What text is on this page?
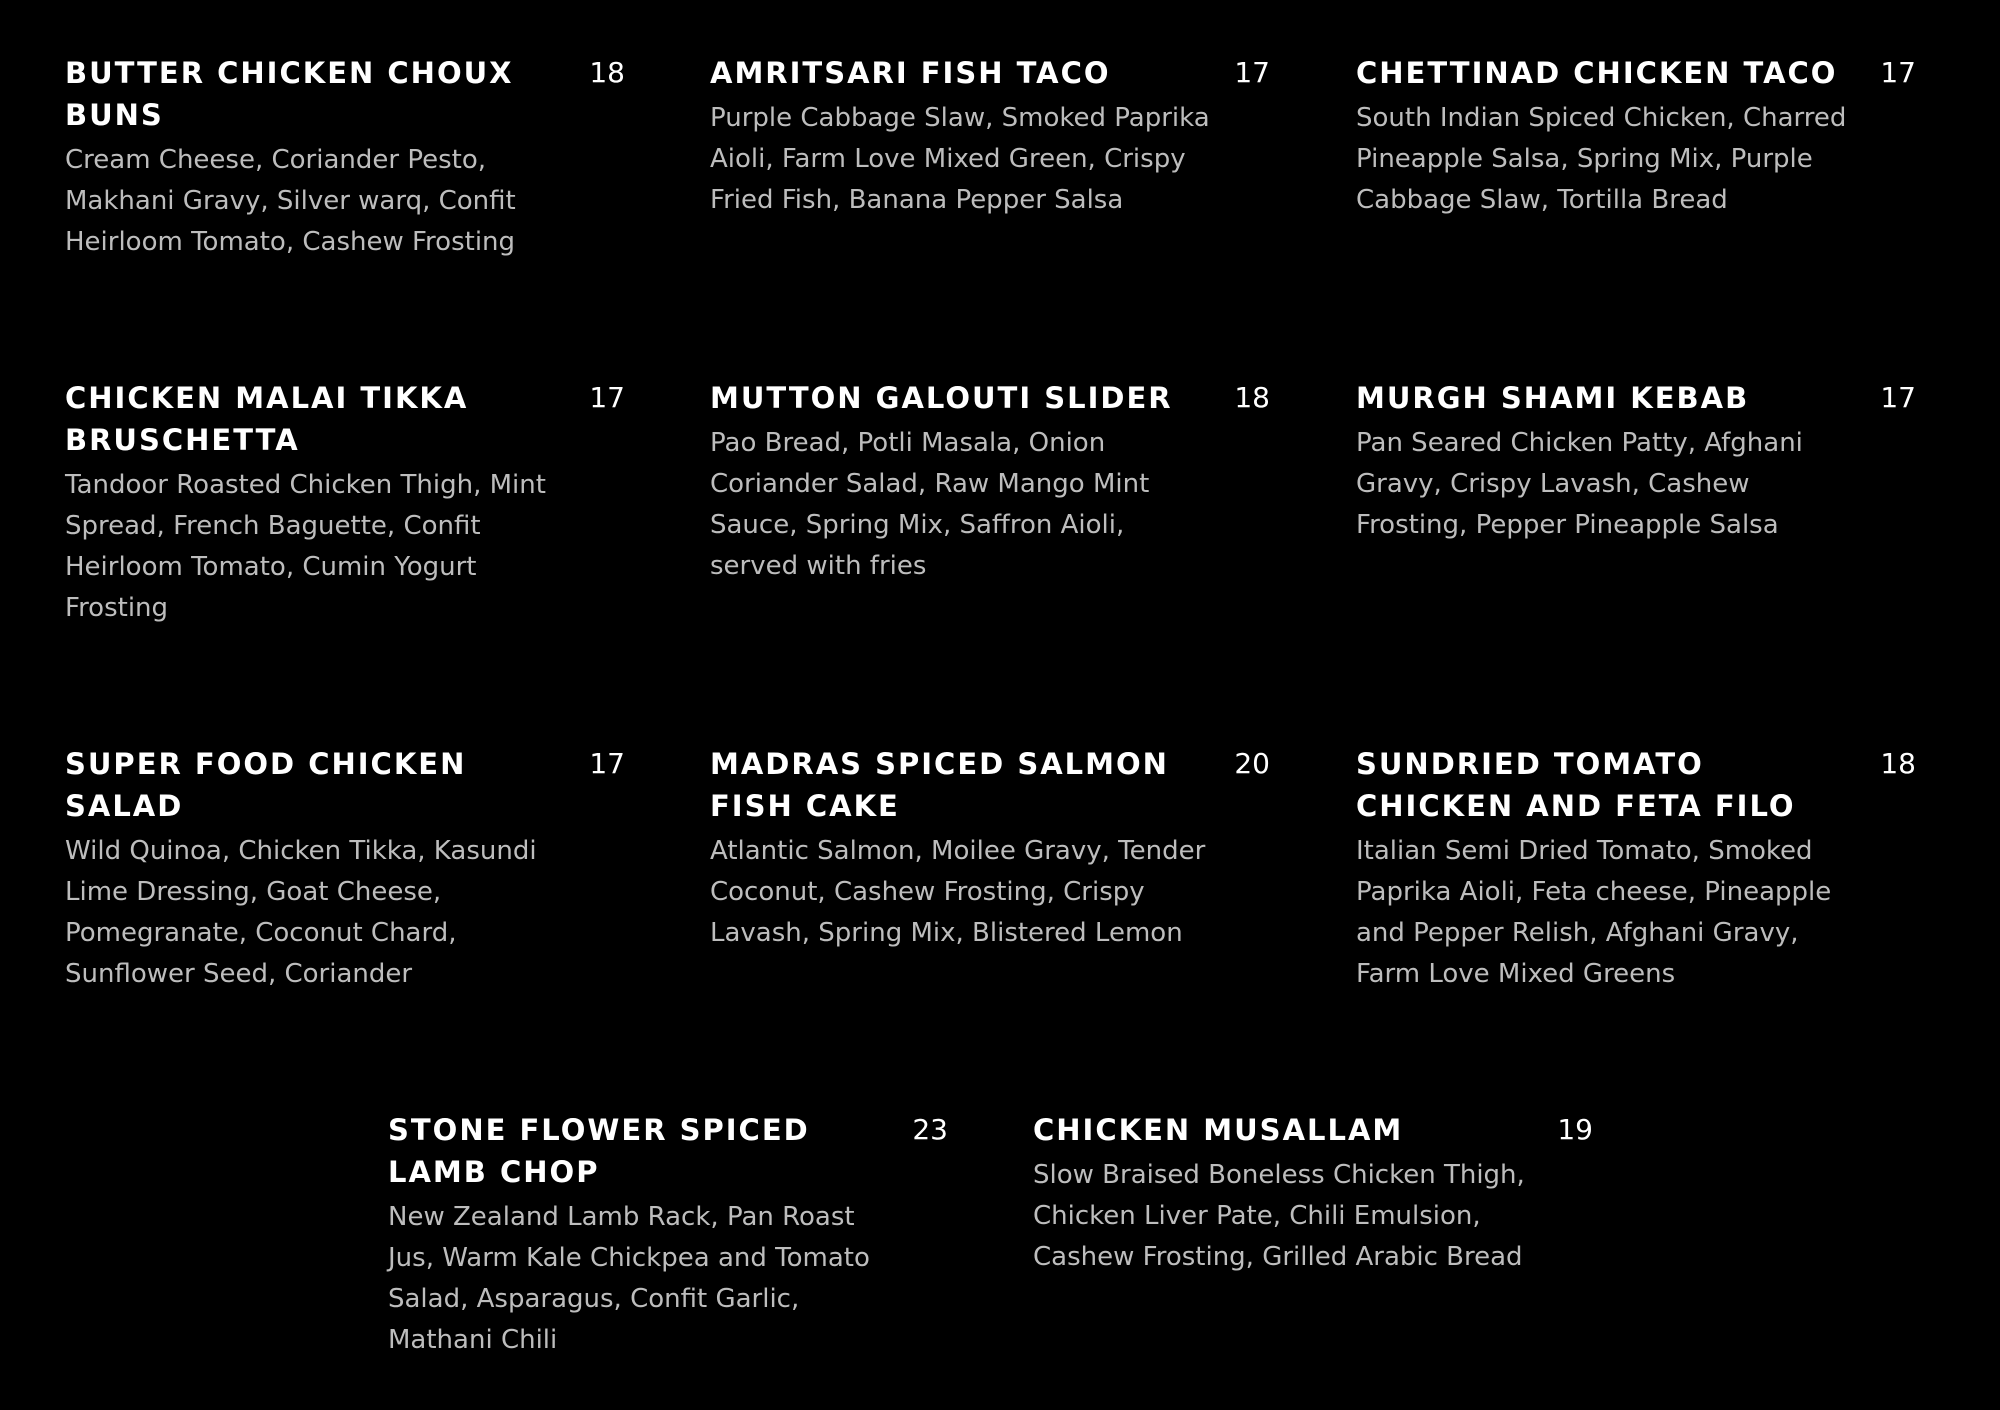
BUTTER CHICKEN CHOUX BUNS
18
Cream Cheese, Coriander Pesto, Makhani Gravy, Silver warq, Confit Heirloom Tomato, Cashew Frosting
AMRITSARI FISH TACO	17
Purple Cabbage Slaw, Smoked Paprika Aioli, Farm Love Mixed Green, Crispy Fried Fish, Banana Pepper Salsa
CHETTINAD CHICKEN TACO	17
South Indian Spiced Chicken, Charred Pineapple Salsa, Spring Mix, Purple Cabbage Slaw, Tortilla Bread
CHICKEN MALAI TIKKA BRUSCHETTA
17
Tandoor Roasted Chicken Thigh, Mint Spread, French Baguette, Confit Heirloom Tomato, Cumin Yogurt Frosting
MUTTON GALOUTI SLIDER	18
Pao Bread, Potli Masala, Onion Coriander Salad, Raw Mango Mint Sauce, Spring Mix, Saffron Aioli, served with fries
MURGH SHAMI KEBAB	17
Pan Seared Chicken Patty, Afghani Gravy, Crispy Lavash, Cashew Frosting, Pepper Pineapple Salsa
SUPER FOOD CHICKEN SALAD
17
Wild Quinoa, Chicken Tikka, Kasundi Lime Dressing, Goat Cheese, Pomegranate, Coconut Chard, Sunflower Seed, Coriander
MADRAS SPICED SALMON FISH CAKE
20
Atlantic Salmon, Moilee Gravy, Tender Coconut, Cashew Frosting, Crispy Lavash, Spring Mix, Blistered Lemon
SUNDRIED TOMATO CHICKEN AND FETA FILO
18
Italian Semi Dried Tomato, Smoked Paprika Aioli, Feta cheese, Pineapple and Pepper Relish, Afghani Gravy, Farm Love Mixed Greens
STONE FLOWER SPICED LAMB CHOP
23
New Zealand Lamb Rack, Pan Roast Jus, Warm Kale Chickpea and Tomato Salad, Asparagus, Confit Garlic, Mathani Chili
CHICKEN MUSALLAM	19
Slow Braised Boneless Chicken Thigh, Chicken Liver Pate, Chili Emulsion, Cashew Frosting, Grilled Arabic Bread
